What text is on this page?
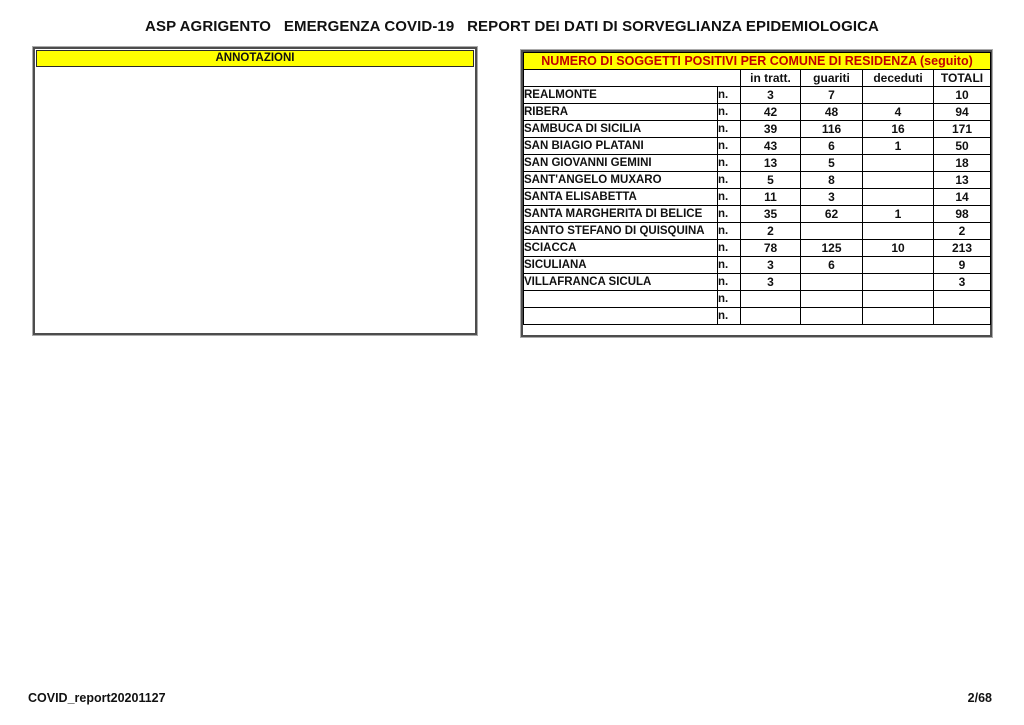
ASP AGRIGENTO   EMERGENZA COVID-19   REPORT DEI DATI DI SORVEGLIANZA EPIDEMIOLOGICA
ANNOTAZIONI	NUMERO DI SOGGETTI POSITIVI PER COMUNE DI RESIDENZA (seguito)					
		in tratt.	guariti	deceduti	TOTALI

REALMONTE	n.	3	7		10
RIBERA	n.	42	48	4	94
SAMBUCA DI SICILIA	n.	39	116	16	171
SAN BIAGIO PLATANI	n.	43	6	1	50
SAN GIOVANNI GEMINI	n.	13	5		18
SANT'ANGELO MUXARO	n.	5	8		13
SANTA ELISABETTA	n.	11	3		14
SANTA MARGHERITA DI BELICE	n.	35	62	1	98
SANTO STEFANO DI QUISQUINA	n.	2			2
SCIACCA	n.	78	125	10	213
SICULIANA	n.	3	6		9
VILLAFRANCA SICULA	n.	3			3
	n.				
	n.				
COVID_report20201127	2/68
